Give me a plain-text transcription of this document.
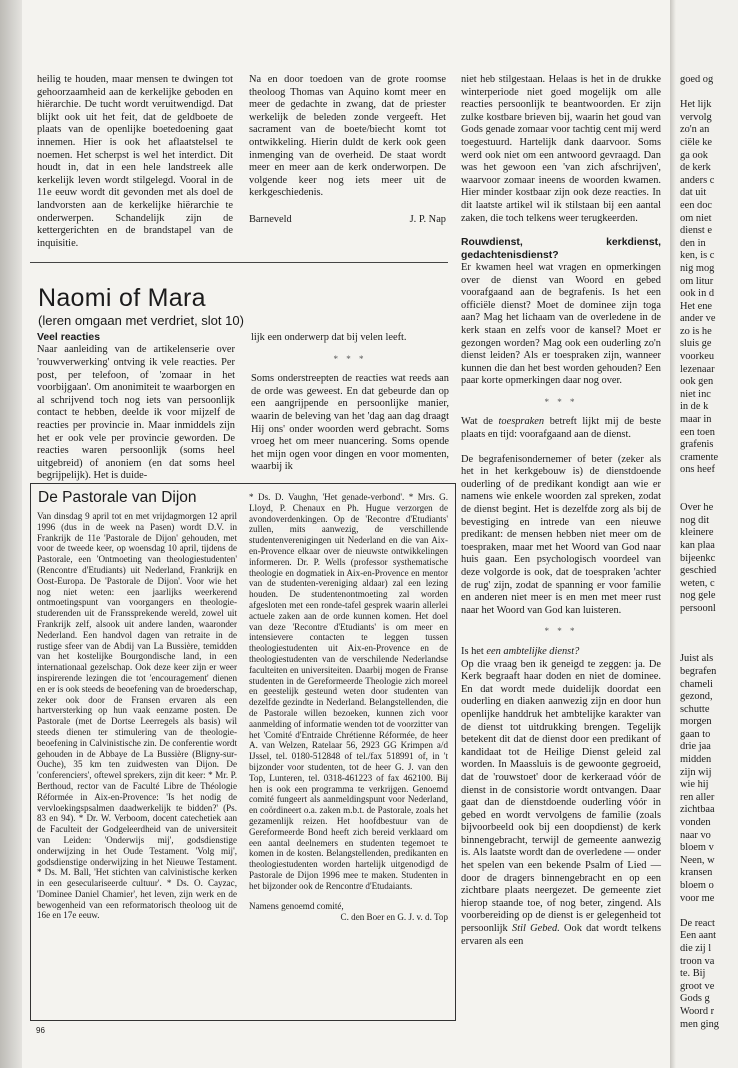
heilig te houden, maar mensen te dwingen tot gehoorzaamheid aan de kerkelijke geboden en hiërarchie. De tucht wordt veruitwendigd. Dat blijkt ook uit het feit, dat de geldboete de plaats van de openlijke boetedoening gaat innemen. Hier is ook het aflaatstelsel te noemen. Het scherpst is wel het interdict. Dit houdt in, dat in een hele landstreek alle kerkelijk leven wordt stilgelegd. Vooral in de 11e eeuw wordt dit gevonden met als doel de landvorsten aan de kerkelijke hiërarchie te onderwerpen. Schandelijk zijn de kettergerichten en de brandstapel van de inquisitie.

Na en door toedoen van de grote roomse theoloog Thomas van Aquino komt meer en meer de gedachte in zwang, dat de priester werkelijk de beleden zonde vergeeft. Het sacrament van de boete/biecht komt tot ontwikkeling. Hierin duldt de kerk ook geen inmenging van de overheid. De staat wordt meer en meer aan de kerk onderworpen. De volgende keer nog iets meer uit de kerkgeschiedenis.

Barneveld	J. P. Nap
Naomi of Mara
(leren omgaan met verdriet, slot 10)
Veel reacties

Naar aanleiding van de artikelenserie over 'rouwverwerking' ontving ik vele reacties. Per post, per telefoon, of 'zomaar in het voorbijgaan'. Om anonimiteit te waarborgen en al schrijvend toch nog iets van persoonlijk contact te hebben, deelde ik voor mijzelf de reacties per provincie in. Maar inmiddels zijn het er ook vele per provincie geworden. De reacties waren persoonlijk (soms heel uitgebreid) of anoniem (en dat soms heel begrijpelijk). Het is duide-

lijk een onderwerp dat bij velen leeft.

* * *

Soms onderstreepten de reacties wat reeds aan de orde was geweest. En dat gebeurde dan op een aangrijpende en persoonlijke manier, waarin de beleving van het 'dag aan dag draagt Hij ons' onder woorden werd gebracht. Soms vroeg het om meer nuancering. Soms opende het mijn ogen voor dingen en voor momenten, waarbij ik

niet heb stilgestaan. Helaas is het in de drukke winterperiode niet goed mogelijk om alle reacties persoonlijk te beantwoorden. Er zijn zulke kostbare brieven bij, waarin het goud van Gods genade zomaar voor tachtig cent mij werd toegestuurd. Hartelijk dank daarvoor. Soms werd ook niet om een antwoord gevraagd. Dan was het gewoon een 'van zich afschrijven', waarvoor zomaar ineens de woorden kwamen. Hier minder kostbaar zijn ook deze reacties. In dit laatste artikel wil ik stilstaan bij een aantal zaken, die toch telkens weer terugkeerden.

Rouwdienst, kerkdienst, gedachtenisdienst?

Er kwamen heel wat vragen en opmerkingen over de dienst van Woord en gebed voorafgaand aan de begrafenis. Is het een officiële dienst? Moet de dominee zijn toga aan? Mag het lichaam van de overledene in de kerk staan en zelfs voor de kansel? Moet er gezongen worden? Mag ook een ouderling zo'n dienst leiden? Als er toespraken zijn, wanneer kunnen die dan het best worden gehouden? Een paar korte opmerkingen daar nog over.

* * *

Wat de toespraken betreft lijkt mij de beste plaats en tijd: voorafgaand aan de dienst.

De begrafenisondernemer of beter (zeker als het in het kerkgebouw is) de dienstdoende ouderling of de predikant kondigt aan wie er namens wie enkele woorden zal spreken, zodat de dienst begint. Het is dezelfde zorg als bij de bevestiging en intrede van een nieuwe predikant: de mensen hebben niet meer om de toespraken, maar met het Woord van God naar huis gaan. Een psychologisch voordeel van deze volgorde is ook, dat de toespraken 'achter de rug' zijn, zodat de spanning er voor familie en anderen niet meer is en men met meer rust naar het Woord van God kan luisteren.

* * *

Is het een ambtelijke dienst?

Op die vraag ben ik geneigd te zeggen: ja. De Kerk begraaft haar doden en niet de dominee. En dat wordt mede duidelijk doordat een ouderling en diaken aanwezig zijn en door hun openlijke handdruk het ambtelijke karakter van de dienst tot uitdrukking brengen. Tegelijk betekent dit dat de dienst door een predikant of kandidaat tot de Heilige Dienst geleid zal worden. In Maassluis is de gewoonte gegroeid, dat de 'rouwstoet' door de kerkeraad vóór de dienst in de consistorie wordt ontvangen. Daar gaat dan de dienstdoende ouderling vóór in gebed en wordt vervolgens de familie (zoals bijvoorbeeld ook bij een doopdienst) de kerk binnengebracht, terwijl de gemeente aanwezig is. Als laatste wordt dan de overledene — onder het spelen van een bekende Psalm of Lied — door de dragers binnengebracht en op een zichtbare plaats neergezet. De gemeente ziet hierop staande toe, of nog beter, zingend. Als voorbereiding op de dienst is er gelegenheid tot persoonlijk Stil Gebed. Ook dat wordt telkens ervaren als een

De Pastorale van Dijon

Van dinsdag 9 april tot en met vrijdagmorgen 12 april 1996 (dus in de week na Pasen) wordt D.V. in Frankrijk de 11e 'Pastorale de Dijon' gehouden, met voor de tweede keer, op woensdag 10 april, tijdens de Pastorale, een 'Ontmoeting van theologiestudenten' (Rencontre d'Etudiants) uit Nederland, Frankrijk en Oost-Europa. De 'Pastorale de Dijon'. Voor wie het nog niet weten: een jaarlijks weerkerend ontmoetingspunt van voorgangers en theologie-studerenden uit de Franssprekende wereld, zowel uit Frankrijk zelf, alsook uit andere landen, waaronder Nederland. Een handvol dagen van retraite in de rustige sfeer van de Abdij van La Bussière, temidden van het kostelijke Bourgondische land, in een internationaal gezelschap. Ook deze keer zijn er weer inspirerende lezingen die tot 'encouragement' dienen en er is ook steeds de beoefening van de broederschap, zeker ook door de Fransen ervaren als een hartversterking op hun vaak eenzame posten. De Pastorale (met de Dortse Leerregels als basis) wil steeds dienen ter stimulering van de theologie-beoefening in Calvinistische zin. De conferentie wordt gehouden in de Abbaye de La Bussière (Bligny-sur-Ouche), 35 km ten zuidwesten van Dijon. De 'conferenciers', oftewel sprekers, zijn dit keer: * Mr. P. Berthoud, rector van de Faculté Libre de Théologie Réformée in Aix-en-Provence: 'Is het nodig de vervloekingspsalmen daadwerkelijk te bidden?' (Ps. 83 en 94). * Dr. W. Verboom, docent catechetiek aan de Faculteit der Godgeleerdheid van de universiteit van Leiden: 'Onderwijs mij', godsdienstige onderwijzing in het Oude Testament. 'Volg mij', godsdienstige onderwijzing in het Nieuwe Testament. * Ds. M. Ball, 'Het stichten van calvinistische kerken in een geseculariseerde cultuur'. * Ds. O. Cayzac, 'Dominee Daniel Chamier', het leven, zijn werk en de bewogenheid van een reformatorisch theoloog uit de 16e en 17e eeuw.

* Ds. D. Vaughn, 'Het genade-verbond'. * Mrs. G. Lloyd, P. Chenaux en Ph. Hugue verzorgen de avondoverdenkingen. Op de 'Recontre d'Etudiants' zullen, mits aanwezig, de verschillende studentenverenigingen uit Nederland en die van Aix-en-Provence elkaar over de nieuwste ontwikkelingen informeren. Dr. P. Wells (professor systhematische theologie en dogmatiek in Aix-en-Provence en mentor van de studenten-vereniging aldaar) zal een lezing houden. De studentenontmoeting zal worden afgesloten met een ronde-tafel gesprek waarin allerlei actuele zaken aan de orde kunnen komen. Het doel van deze 'Recontre d'Etudiants' is om meer en intensievere contacten te leggen tussen theologiestudenten uit Aix-en-Provence en de theologiestudenten van de verschilende Nederlandse faculteiten en universiteiten. Daarbij mogen de Franse studenten in de Gereformeerde Theologie zich moreel en geestelijk gesteund weten door studenten van dezelfde gezindte in Nederland. Belangstellenden, die de Pastorale willen bezoeken, kunnen zich voor aanmelding of informatie wenden tot de voorzitter van het 'Comité d'Entraide Chrétienne Réformée, de heer A. van Welzen, Ratelaar 56, 2923 GG Krimpen a/d IJssel, tel. 0180-512848 of tel./fax 518991 of, in 't bijzonder voor studenten, tot de heer G. J. van den Top, Lunteren, tel. 0318-461223 of fax 462100. Bij hen is ook een programma te verkrijgen. Genoemd comité fungeert als aanmeldingspunt voor Nederland, en coördineert o.a. zaken m.b.t. de Pastorale, zoals het gezamenlijk reizen. Het hoofdbestuur van de Gereformeerde Bond heeft zich bereid verklaard om een aantal deelnemers en studenten tegemoet te komen in de kosten. Belangstellenden, predikanten en theologiestudenten worden hartelijk uitgenodigd de Pastorale de Dijon 1996 mee te maken. Studenten in het bijzonder ook de Rencontre d'Etudaiants.

Namens genoemd comité,

C. den Boer en G. J. v. d. Top

96
goed og

Het lijk
vervolg
zo'n an
ciële ke
ga ook
de kerk
anders c
dat uit
een doc
om niet
dienst e
den in
ken, is c
nig mog
om litur
ook in d
Het ene
ander ve
zo is he
sluis ge
voorkeu
lezenaar
ook gen
niet inc
in de k
maar in
een toen
grafenis
cramente
ons heef

Over he
nog dit
kleinere
kan plaa
bijeenkc
geschied
weten, c
nog gele
persoonl

Juist als
begrafen
chameli
gezond,
schutte
morgen
gaan to
drie jaa
midden
zijn wij
wie hij
ren aller
zichtbaa
vonden
naar vo
bloem v
Neen, w
kransen
bloem o
voor me

De react
Een aant
die zij l
troon va
te. Bij
groot ve
Gods g
Woord r
men ging
